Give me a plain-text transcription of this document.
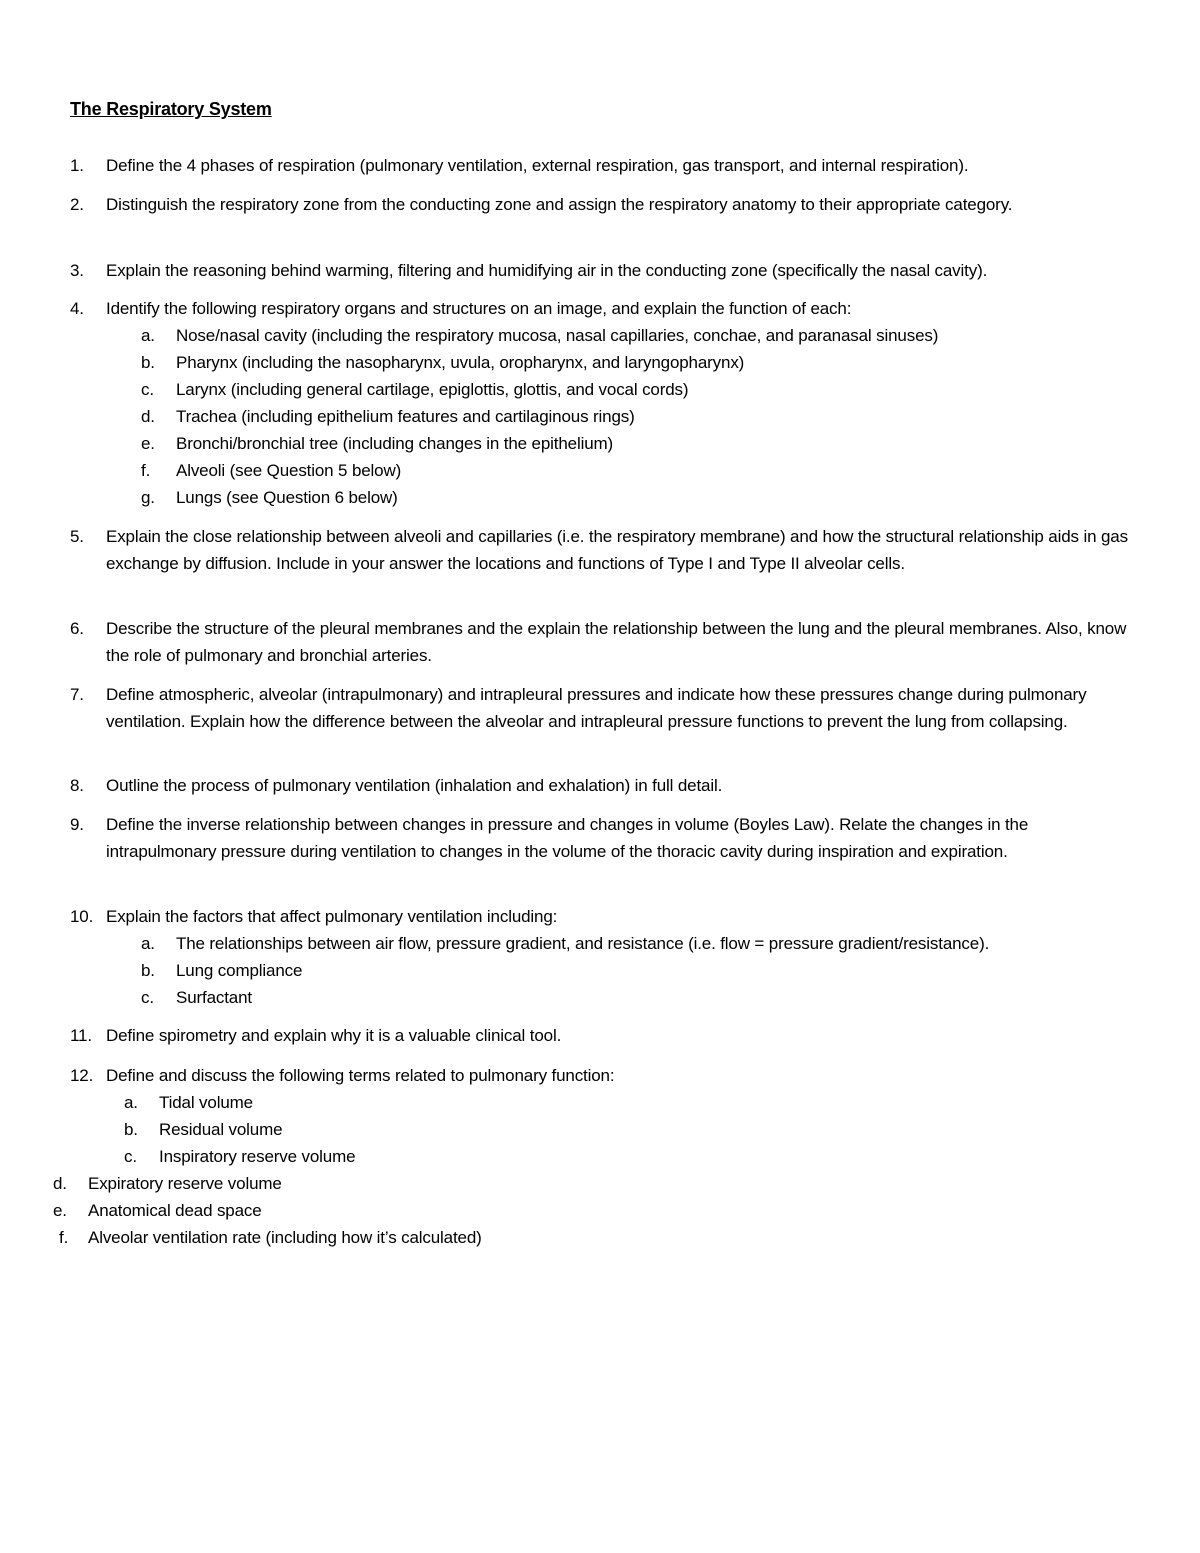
The Respiratory System
1.	Define the 4 phases of respiration (pulmonary ventilation, external respiration, gas transport, and internal respiration).
2.	Distinguish the respiratory zone from the conducting zone and assign the respiratory anatomy to their appropriate category.
3.	Explain the reasoning behind warming, filtering and humidifying air in the conducting zone (specifically the nasal cavity).
4.	Identify the following respiratory organs and structures on an image, and explain the function of each:
a. Nose/nasal cavity (including the respiratory mucosa, nasal capillaries, conchae, and paranasal sinuses)
b. Pharynx (including the nasopharynx, uvula, oropharynx, and laryngopharynx)
c. Larynx (including general cartilage, epiglottis, glottis, and vocal cords)
d. Trachea (including epithelium features and cartilaginous rings)
e. Bronchi/bronchial tree (including changes in the epithelium)
f. Alveoli (see Question 5 below)
g. Lungs (see Question 6 below)
5.	Explain the close relationship between alveoli and capillaries (i.e. the respiratory membrane) and how the structural relationship aids in gas exchange by diffusion. Include in your answer the locations and functions of Type I and Type II alveolar cells.
6.	Describe the structure of the pleural membranes and the explain the relationship between the lung and the pleural membranes. Also, know the role of pulmonary and bronchial arteries.
7.	Define atmospheric, alveolar (intrapulmonary) and intrapleural pressures and indicate how these pressures change during pulmonary ventilation. Explain how the difference between the alveolar and intrapleural pressure functions to prevent the lung from collapsing.
8.	Outline the process of pulmonary ventilation (inhalation and exhalation) in full detail.
9.	Define the inverse relationship between changes in pressure and changes in volume (Boyles Law). Relate the changes in the intrapulmonary pressure during ventilation to changes in the volume of the thoracic cavity during inspiration and expiration.
10. Explain the factors that affect pulmonary ventilation including:
a. The relationships between air flow, pressure gradient, and resistance (i.e. flow = pressure gradient/resistance).
b. Lung compliance
c. Surfactant
11. Define spirometry and explain why it is a valuable clinical tool.
12. Define and discuss the following terms related to pulmonary function:
a. Tidal volume
b. Residual volume
c. Inspiratory reserve volume
d. Expiratory reserve volume
e. Anatomical dead space
f. Alveolar ventilation rate (including how it’s calculated)
